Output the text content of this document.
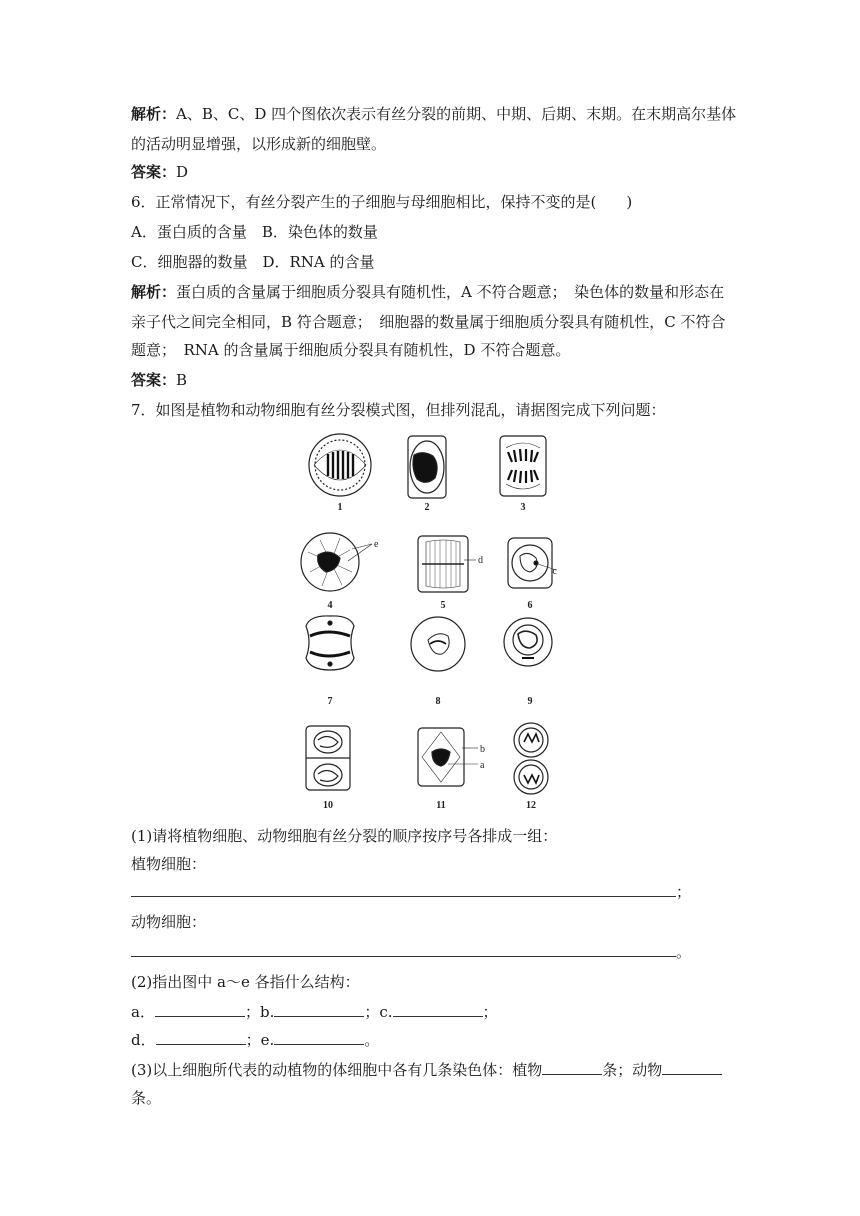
解析：A、B、C、D 四个图依次表示有丝分裂的前期、中期、后期、末期。在末期高尔基体
的活动明显增强，以形成新的细胞壁。
答案：D
6．正常情况下，有丝分裂产生的子细胞与母细胞相比，保持不变的是(　　)
A．蛋白质的含量　B．染色体的数量
C．细胞器的数量　D．RNA 的含量
解析：蛋白质的含量属于细胞质分裂具有随机性，A 不符合题意；　染色体的数量和形态在
亲子代之间完全相同，B 符合题意；　细胞器的数量属于细胞质分裂具有随机性，C 不符合
题意；　RNA 的含量属于细胞质分裂具有随机性，D 不符合题意。
答案：B
7．如图是植物和动物细胞有丝分裂模式图，但排列混乱，请据图完成下列问题：
e
d
c
b
a
1	2	3
4	5	6
7	8	9
10	11	12
(1)请将植物细胞、动物细胞有丝分裂的顺序按序号各排成一组：
植物细胞：
；
动物细胞：
。
(2)指出图中 a～e 各指什么结构：
a．	；b.	；c.	；
d．	；e.	。
(3)以上细胞所代表的动植物的体细胞中各有几条染色体：植物	条；动物
条。
